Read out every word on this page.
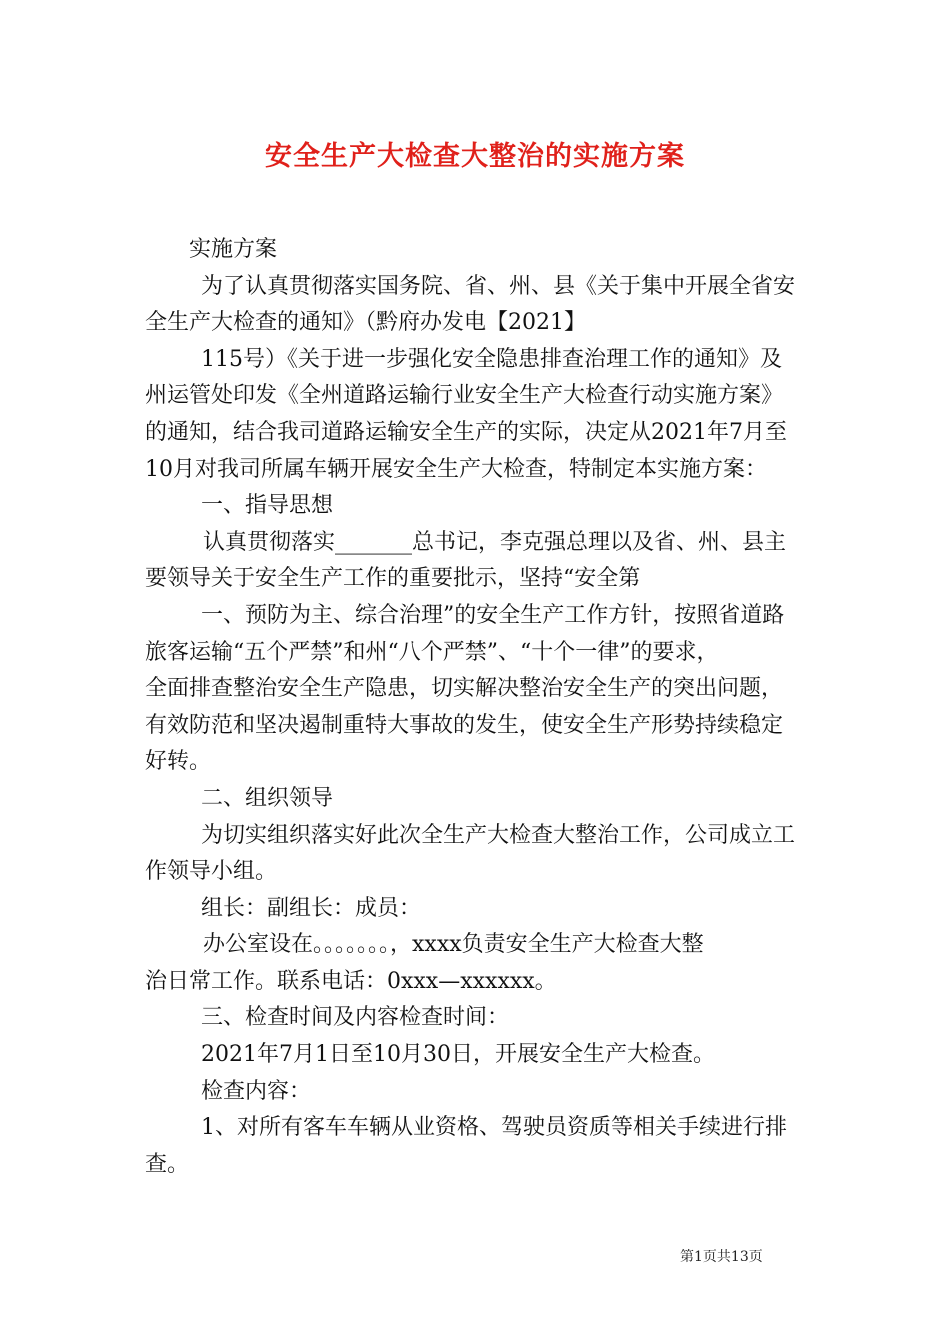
安全生产大检查大整治的实施方案
实施方案
为了认真贯彻落实国务院、省、州、县《关于集中开展全省安
全生产大检查的通知》（黔府办发电【2021】
115号）《关于进一步强化安全隐患排查治理工作的通知》及
州运管处印发《全州道路运输行业安全生产大检查行动实施方案》
的通知，结合我司道路运输安全生产的实际，决定从2021年7月至
10月对我司所属车辆开展安全生产大检查，特制定本实施方案：
一、指导思想
认真贯彻落实_______总书记，李克强总理以及省、州、县主
要领导关于安全生产工作的重要批示，坚持“安全第
一、预防为主、综合治理”的安全生产工作方针，按照省道路
旅客运输“五个严禁”和州“八个严禁”、“十个一律”的要求，
全面排查整治安全生产隐患，切实解决整治安全生产的突出问题，
有效防范和坚决遏制重特大事故的发生，使安全生产形势持续稳定
好转。
二、组织领导
为切实组织落实好此次全生产大检查大整治工作，公司成立工
作领导小组。
组长：副组长：成员：
办公室设在。。。。。。。，xxxx负责安全生产大检查大整
治日常工作。联系电话：0xxx—xxxxxx。
三、检查时间及内容检查时间：
2021年7月1日至10月30日，开展安全生产大检查。
检查内容：
1、对所有客车车辆从业资格、驾驶员资质等相关手续进行排
查。
第1页共13页
